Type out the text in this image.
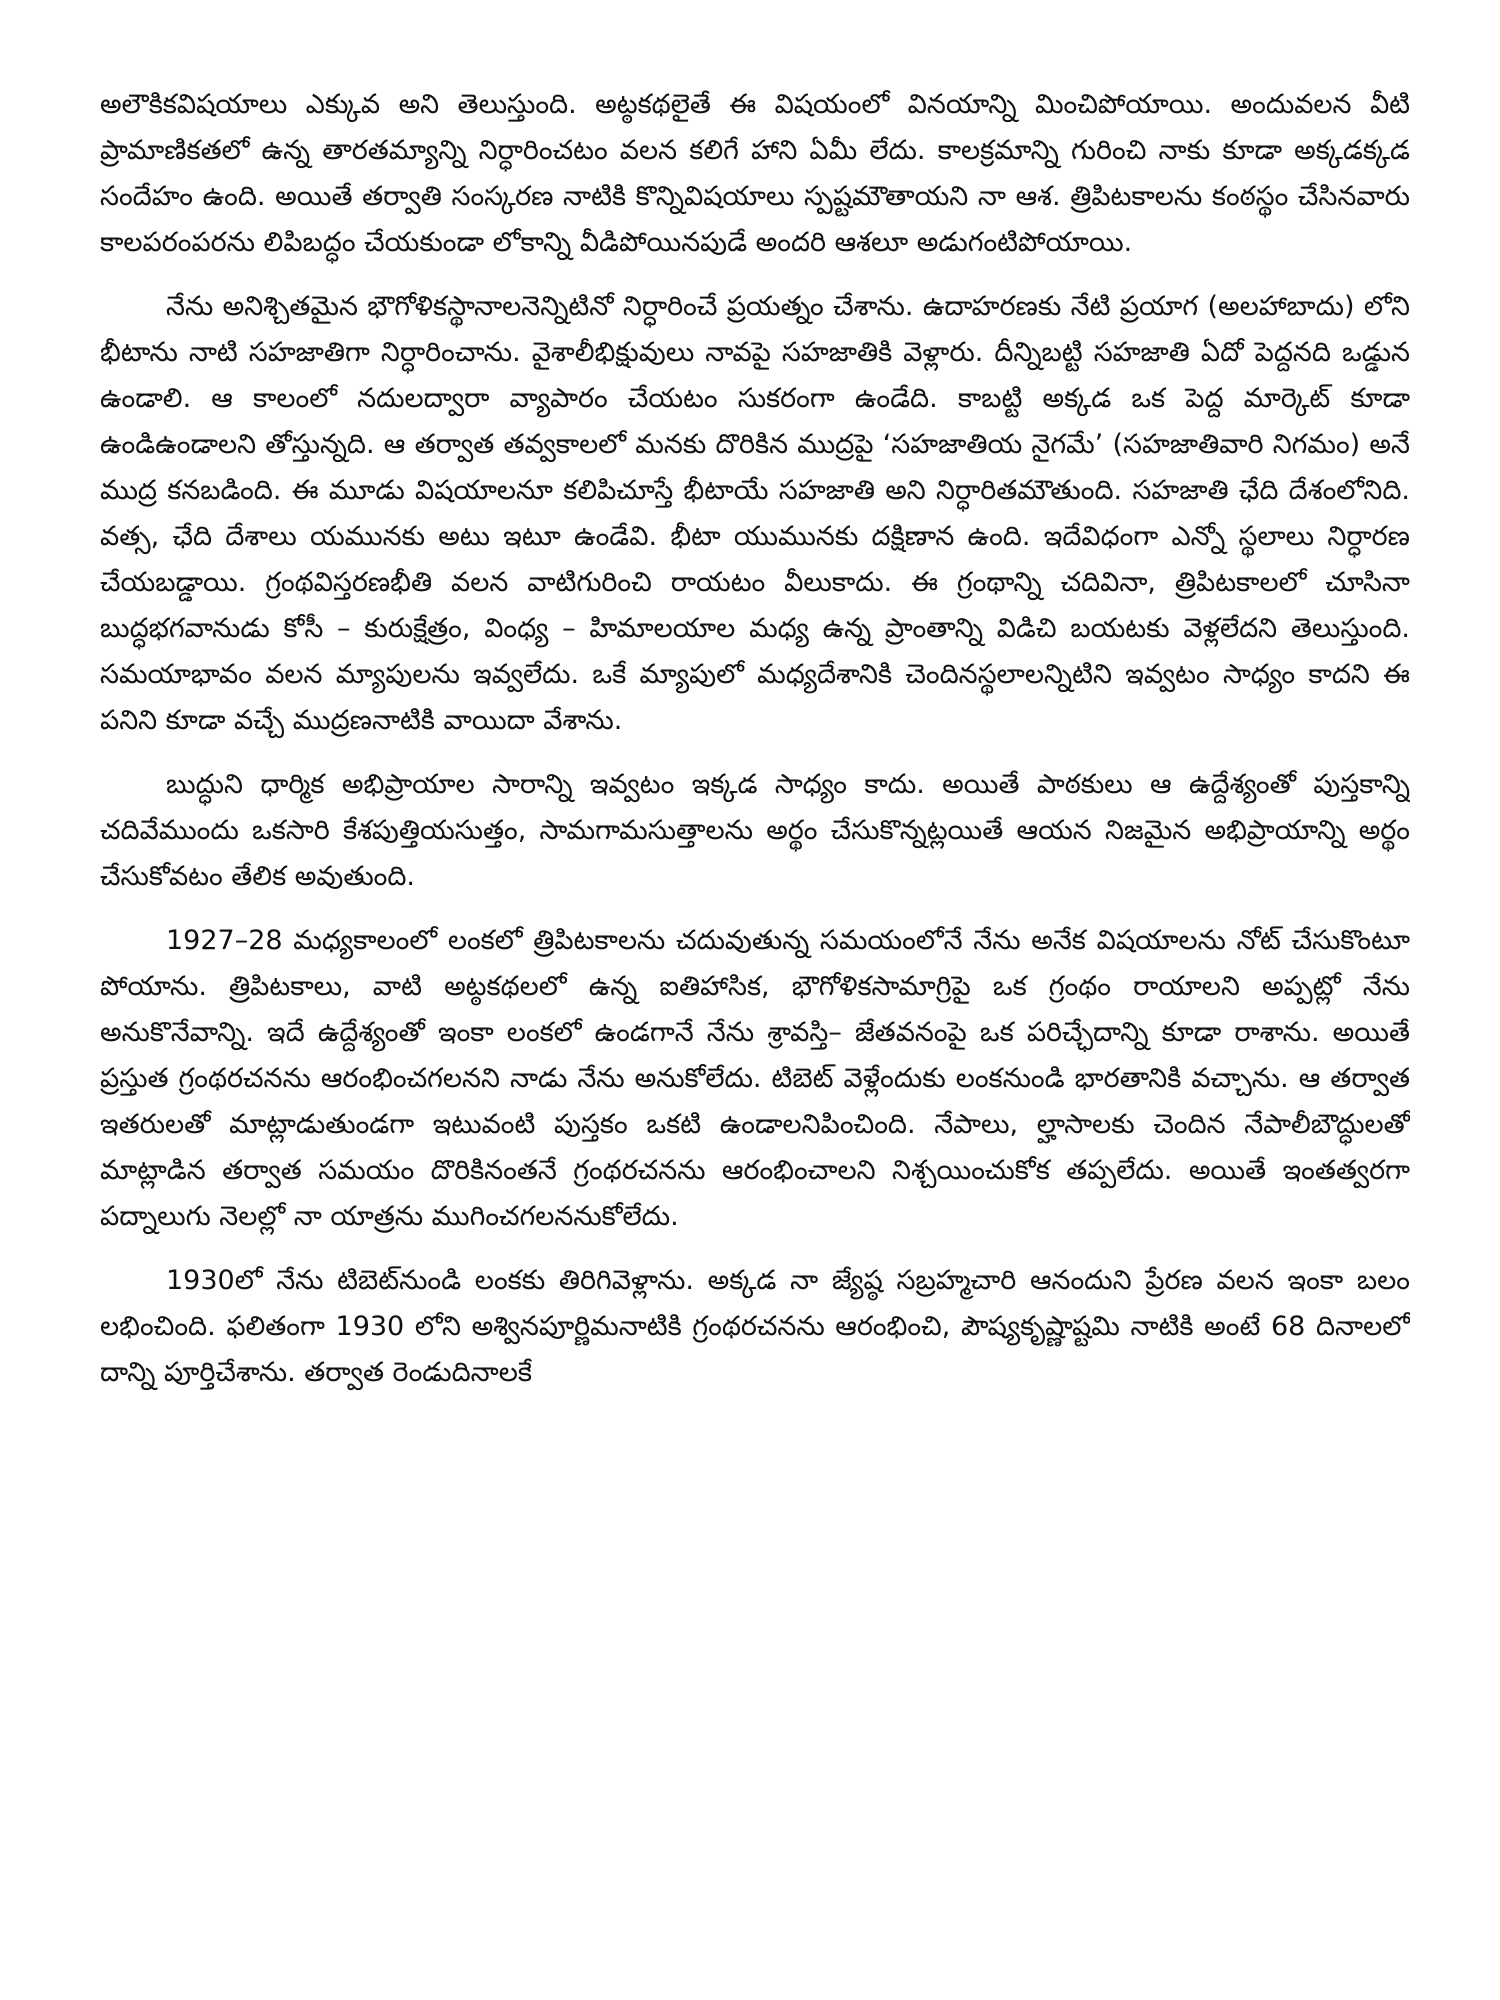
అలౌకికవిషయాలు ఎక్కువ అని తెలుస్తుంది. అట్ఠకథలైతే ఈ విషయంలో వినయాన్ని మించిపోయాయి. అందువలన వీటి ప్రామాణికతలో ఉన్న తారతమ్యాన్ని నిర్ధారించటం వలన కలిగే హాని ఏమీ లేదు. కాలక్రమాన్ని గురించి నాకు కూడా అక్కడక్కడ సందేహం ఉంది. అయితే తర్వాతి సంస్కరణ నాటికి కొన్నివిషయాలు స్పష్టమౌతాయని నా ఆశ. త్రిపిటకాలను కంఠస్థం చేసినవారు కాలపరంపరను లిపిబద్ధం చేయకుండా లోకాన్ని వీడిపోయినపుడే అందరి ఆశలూ అడుగంటిపోయాయి.

నేను అనిశ్చితమైన భౌగోళికస్థానాలనెన్నిటినో నిర్ధారించే ప్రయత్నం చేశాను. ఉదాహరణకు నేటి ప్రయాగ (అలహాబాదు) లోని భీటాను నాటి సహజాతిగా నిర్ధారించాను. వైశాలీభిక్షువులు నావపై సహజాతికి వెళ్లారు. దీన్నిబట్టి సహజాతి ఏదో పెద్దనది ఒడ్డున ఉండాలి. ఆ కాలంలో నదులద్వారా వ్యాపారం చేయటం సుకరంగా ఉండేది. కాబట్టి అక్కడ ఒక పెద్ద మార్కెట్ కూడా ఉండిఉండాలని తోస్తున్నది. ఆ తర్వాత తవ్వకాలలో మనకు దొరికిన ముద్రపై ‘సహజాతియ నైగమే’ (సహజాతివారి నిగమం) అనే ముద్ర కనబడింది. ఈ మూడు విషయాలనూ కలిపిచూస్తే భీటాయే సహజాతి అని నిర్ధారితమౌతుంది. సహజాతి ఛేది దేశంలోనిది. వత్స, ఛేది దేశాలు యమునకు అటు ఇటూ ఉండేవి. భీటా యుమునకు దక్షిణాన ఉంది. ఇదేవిధంగా ఎన్నో స్థలాలు నిర్ధారణ చేయబడ్డాయి. గ్రంథవిస్తరణభీతి వలన వాటిగురించి రాయటం వీలుకాదు. ఈ గ్రంథాన్ని చదివినా, త్రిపిటకాలలో చూసినా బుద్ధభగవానుడు కోసీ – కురుక్షేత్రం, వింధ్య – హిమాలయాల మధ్య ఉన్న ప్రాంతాన్ని విడిచి బయటకు వెళ్లలేదని తెలుస్తుంది. సమయాభావం వలన మ్యాపులను ఇవ్వలేదు. ఒకే మ్యాపులో మధ్యదేశానికి చెందినస్థలాలన్నిటిని ఇవ్వటం సాధ్యం కాదని ఈ పనిని కూడా వచ్చే ముద్రణనాటికి వాయిదా వేశాను.

బుద్ధుని ధార్మిక అభిప్రాయాల సారాన్ని ఇవ్వటం ఇక్కడ సాధ్యం కాదు. అయితే పాఠకులు ఆ ఉద్దేశ్యంతో పుస్తకాన్ని చదివేముందు ఒకసారి కేశపుత్తియసుత్తం, సామగామసుత్తాలను అర్థం చేసుకొన్నట్లయితే ఆయన నిజమైన అభిప్రాయాన్ని అర్థం చేసుకోవటం తేలిక అవుతుంది.

1927–28 మధ్యకాలంలో లంకలో త్రిపిటకాలను చదువుతున్న సమయంలోనే నేను అనేక విషయాలను నోట్ చేసుకొంటూ పోయాను. త్రిపిటకాలు, వాటి అట్ఠకథలలో ఉన్న ఐతిహాసిక, భౌగోళికసామాగ్రిపై ఒక గ్రంథం రాయాలని అప్పట్లో నేను అనుకొనేవాన్ని. ఇదే ఉద్దేశ్యంతో ఇంకా లంకలో ఉండగానే నేను శ్రావస్తి– జేతవనంపై ఒక పరిచ్ఛేదాన్ని కూడా రాశాను. అయితే ప్రస్తుత గ్రంథరచనను ఆరంభించగలనని నాడు నేను అనుకోలేదు. టిబెట్ వెళ్లేందుకు లంకనుండి భారతానికి వచ్చాను. ఆ తర్వాత ఇతరులతో మాట్లాడుతుండగా ఇటువంటి పుస్తకం ఒకటి ఉండాలనిపించింది. నేపాలు, ల్హాసాలకు చెందిన నేపాలీబౌద్ధులతో మాట్లాడిన తర్వాత సమయం దొరికినంతనే గ్రంథరచనను ఆరంభించాలని నిశ్చయించుకోక తప్పలేదు. అయితే ఇంతత్వరగా పద్నాలుగు నెలల్లో నా యాత్రను ముగించగలననుకోలేదు.

1930లో నేను టిబెట్‌నుండి లంకకు తిరిగివెళ్లాను. అక్కడ నా జ్యేష్ఠ సబ్రహ్మచారి ఆనందుని ప్రేరణ వలన ఇంకా బలం లభించింది. ఫలితంగా 1930 లోని అశ్వినపూర్ణిమనాటికి గ్రంథరచనను ఆరంభించి, పౌష్యకృష్ణాష్టమి నాటికి అంటే 68 దినాలలో దాన్ని పూర్తిచేశాను. తర్వాత రెండుదినాలకే
